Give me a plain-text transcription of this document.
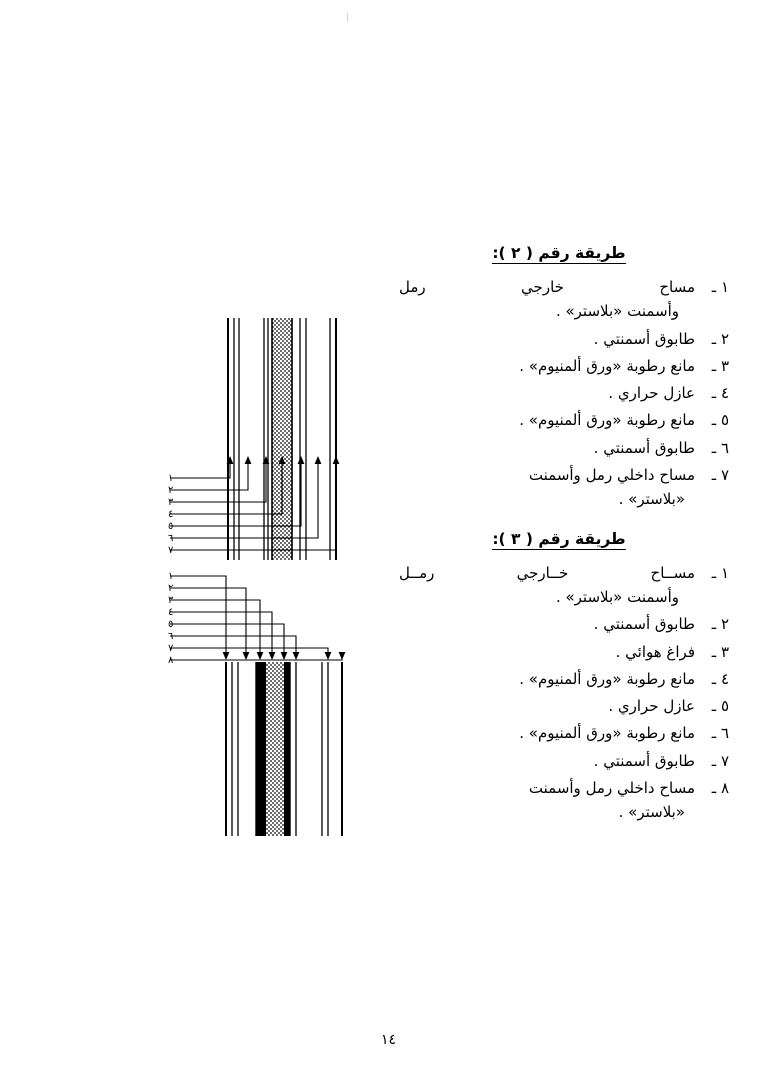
١
٢
٣
٤
٥
٦
٧
١
٢
٣
٤
٥
٦
٧
٨
طريقة رقم ( ٢ ):
١ ـ
مساح خارجي رمل
وأسمنت «بلاستر» .
٢ ـ
طابوق أسمنتي .
٣ ـ
مانع رطوبة «ورق ألمنيوم» .
٤ ـ
عازل حراري .
٥ ـ
مانع رطوبة «ورق ألمنيوم» .
٦ ـ
طابوق أسمنتي .
٧ ـ
مساح داخلي رمل وأسمنت
«بلاستر» .
طريقة رقم ( ٣ ):
١ ـ
مســاح خــارجي رمــل
وأسمنت «بلاستر» .
٢ ـ
طابوق أسمنتي .
٣ ـ
فراغ هوائي .
٤ ـ
مانع رطوبة «ورق ألمنيوم» .
٥ ـ
عازل حراري .
٦ ـ
مانع رطوبة «ورق ألمنيوم» .
٧ ـ
طابوق أسمنتي .
٨ ـ
مساح داخلي رمل وأسمنت
«بلاستر» .
١٤
